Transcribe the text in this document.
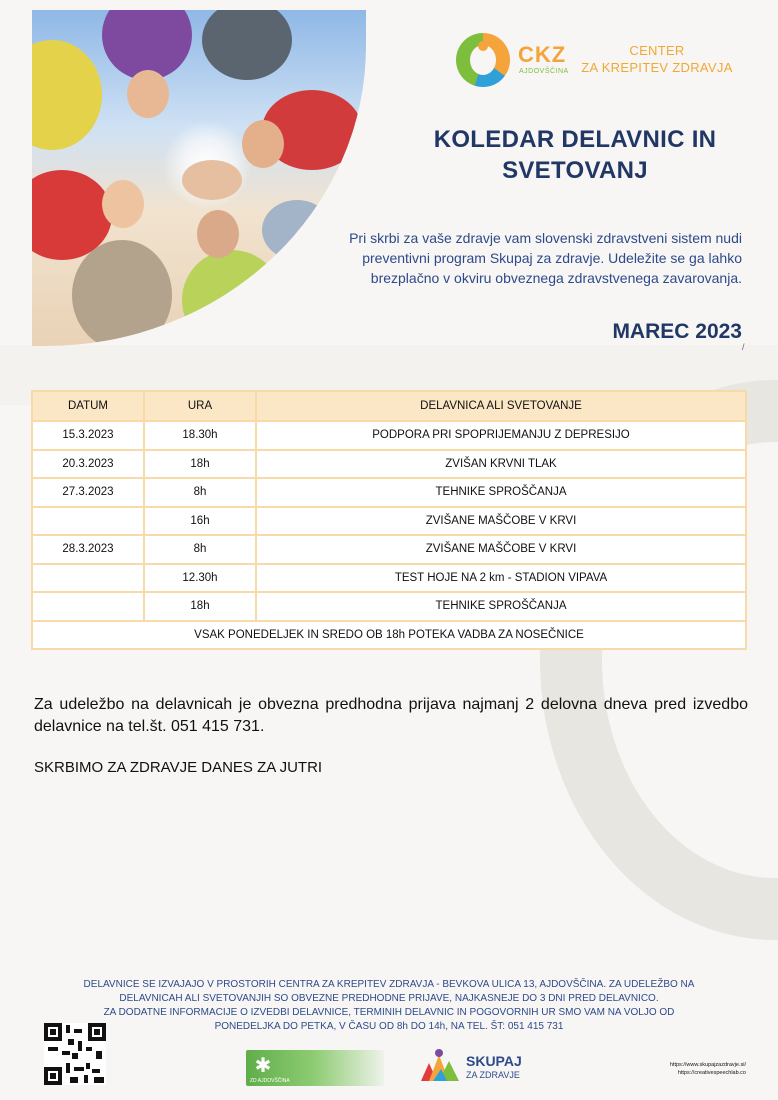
CKZ
AJDOVŠČINA
CENTER
ZA KREPITEV ZDRAVJA
KOLEDAR DELAVNIC IN
SVETOVANJ
Pri skrbi za vaše zdravje vam slovenski zdravstveni sistem nudi preventivni program Skupaj za zdravje. Udeležite se ga lahko brezplačno v okviru obveznega zdravstvenega zavarovanja.
MAREC 2023
/
DATUM	URA	DELAVNICA ALI SVETOVANJE
15.3.2023	18.30h	PODPORA PRI SPOPRIJEMANJU Z DEPRESIJO
20.3.2023	18h	ZVIŠAN KRVNI TLAK
27.3.2023	8h	TEHNIKE SPROŠČANJA
	16h	ZVIŠANE MAŠČOBE V KRVI
28.3.2023	8h	ZVIŠANE MAŠČOBE V KRVI
	12.30h	TEST HOJE NA 2 km - STADION VIPAVA
	18h	TEHNIKE SPROŠČANJA
VSAK PONEDELJEK IN SREDO OB 18h POTEKA VADBA ZA NOSEČNICE		
Za udeležbo na delavnicah je obvezna predhodna prijava najmanj 2 delovna dneva pred izvedbo delavnice na tel.št. 051 415 731.
SKRBIMO ZA ZDRAVJE DANES ZA JUTRI
DELAVNICE SE IZVAJAJO V PROSTORIH CENTRA ZA KREPITEV ZDRAVJA - BEVKOVA ULICA 13, AJDOVŠČINA. ZA UDELEŽBO NA
DELAVNICAH ALI SVETOVANJIH SO OBVEZNE PREDHODNE PRIJAVE, NAJKASNEJE DO 3 DNI PRED DELAVNICO.
ZA DODATNE INFORMACIJE O IZVEDBI DELAVNICE, TERMINIH DELAVNIC IN POGOVORNIH UR SMO VAM NA VOLJO OD
PONEDELJKA DO PETKA, V ČASU OD 8h DO 14h, NA TEL. ŠT: 051 415 731
✱
ZD AJDOVŠČINA
SKUPAJ
ZA ZDRAVJE
https://www.skupajzazdravje.si/
https://creativespeechlab.co
